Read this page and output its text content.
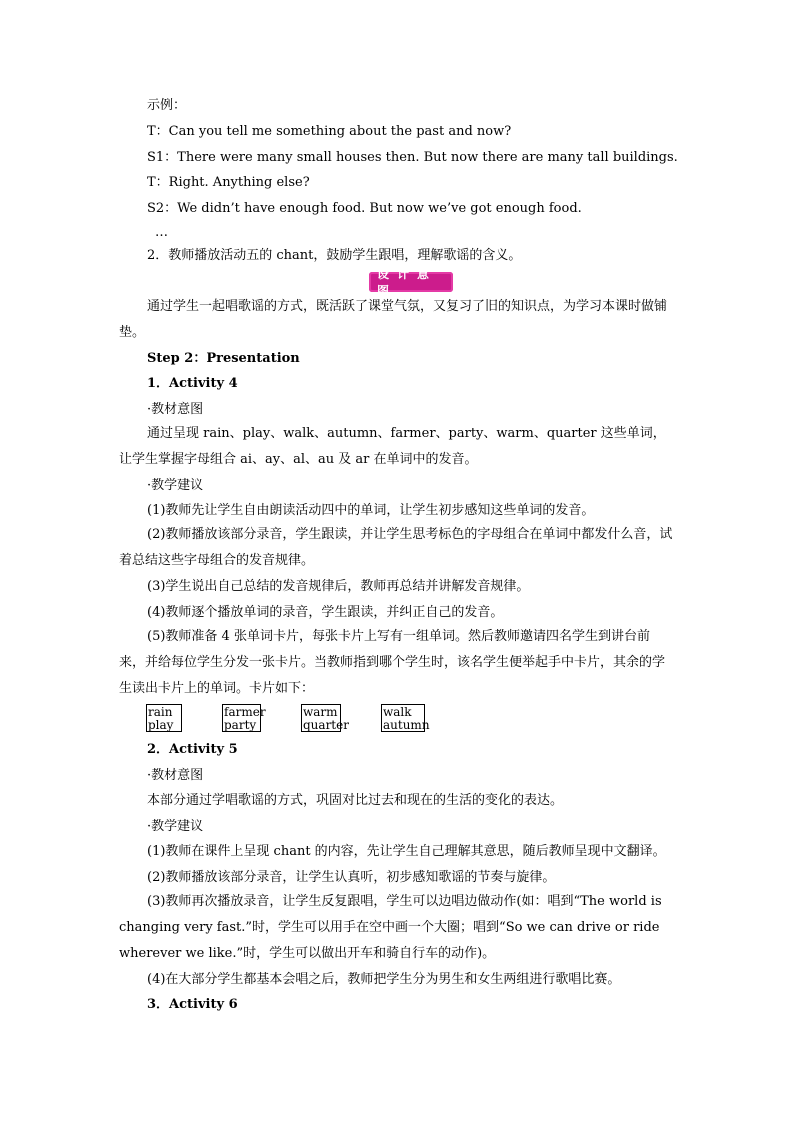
示例：
T：Can you tell me something about the past and now?
S1：There were many small houses then. But now there are many tall buildings.
T：Right. Anything else?
S2：We didn’t have enough food. But now we’ve got enough food.
…
2．教师播放活动五的 chant，鼓励学生跟唱，理解歌谣的含义。
设计意图
通过学生一起唱歌谣的方式，既活跃了课堂气氛，又复习了旧的知识点，为学习本课时做铺垫。
Step 2：Presentation
1．Activity 4
·教材意图
通过呈现 rain、play、walk、autumn、farmer、party、warm、quarter 这些单词，让学生掌握字母组合 ai、ay、al、au 及 ar 在单词中的发音。
·教学建议
(1)教师先让学生自由朗读活动四中的单词，让学生初步感知这些单词的发音。
(2)教师播放该部分录音，学生跟读，并让学生思考标色的字母组合在单词中都发什么音，试着总结这些字母组合的发音规律。
(3)学生说出自己总结的发音规律后，教师再总结并讲解发音规律。
(4)教师逐个播放单词的录音，学生跟读，并纠正自己的发音。
(5)教师准备 4 张单词卡片，每张卡片上写有一组单词。然后教师邀请四名学生到讲台前来，并给每位学生分发一张卡片。当教师指到哪个学生时，该名学生便举起手中卡片，其余的学生读出卡片上的单词。卡片如下：
rain
play
farmer
party
warm
quarter
walk
autumn
2．Activity 5
·教材意图
本部分通过学唱歌谣的方式，巩固对比过去和现在的生活的变化的表达。
·教学建议
(1)教师在课件上呈现 chant 的内容，先让学生自己理解其意思，随后教师呈现中文翻译。
(2)教师播放该部分录音，让学生认真听，初步感知歌谣的节奏与旋律。
(3)教师再次播放录音，让学生反复跟唱，学生可以边唱边做动作(如：唱到“The world is changing very fast.”时，学生可以用手在空中画一个大圈；唱到“So we can drive or ride wherever we like.”时，学生可以做出开车和骑自行车的动作)。
(4)在大部分学生都基本会唱之后，教师把学生分为男生和女生两组进行歌唱比赛。
3．Activity 6
